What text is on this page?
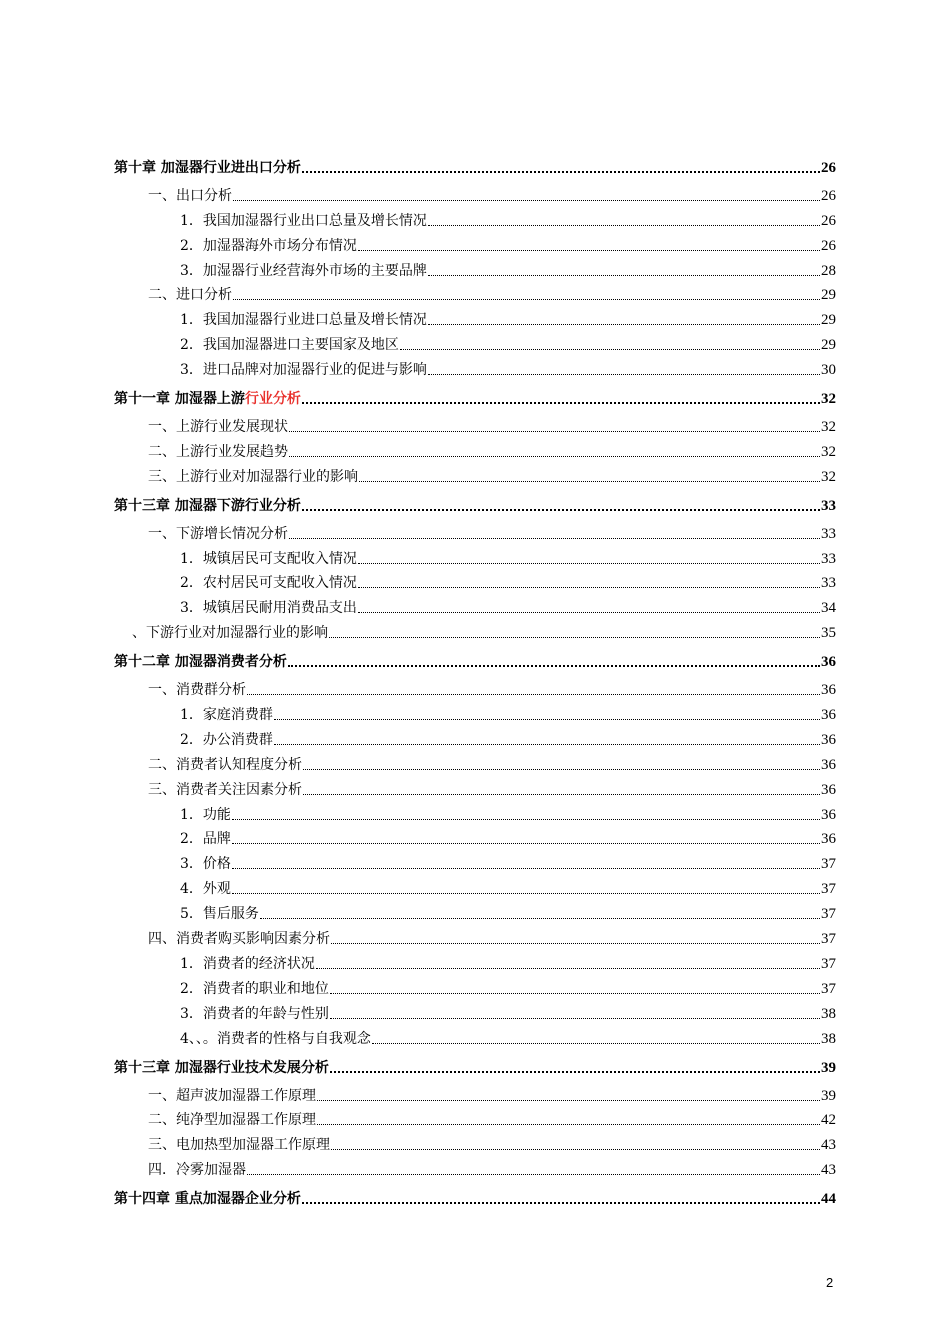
第十章 加湿器行业进出口分析	26
一、出口分析	26
1．我国加湿器行业出口总量及增长情况	26
2．加湿器海外市场分布情况	26
3．加湿器行业经营海外市场的主要品牌	28
二、进口分析	29
1．我国加湿器行业进口总量及增长情况	29
2．我国加湿器进口主要国家及地区	29
3．进口品牌对加湿器行业的促进与影响	30
第十一章 加湿器上游行业分析	32
一、上游行业发展现状	32
二、上游行业发展趋势	32
三、上游行业对加湿器行业的影响	32
第十三章 加湿器下游行业分析	33
一、下游增长情况分析	33
1．城镇居民可支配收入情况	33
2．农村居民可支配收入情况	33
3．城镇居民耐用消费品支出	34
、下游行业对加湿器行业的影响	35
第十二章 加湿器消费者分析	36
一、消费群分析	36
1．家庭消费群	36
2．办公消费群	36
二、消费者认知程度分析	36
三、消费者关注因素分析	36
1．功能	36
2．品牌	36
3．价格	37
4．外观	37
5．售后服务	37
四、消费者购买影响因素分析	37
1．消费者的经济状况	37
2．消费者的职业和地位	37
3．消费者的年龄与性别	38
4、、。消费者的性格与自我观念	38
第十三章 加湿器行业技术发展分析	39
一、超声波加湿器工作原理	39
二、纯净型加湿器工作原理	42
三、电加热型加湿器工作原理	43
四．冷雾加湿器	43
第十四章 重点加湿器企业分析	44
2
